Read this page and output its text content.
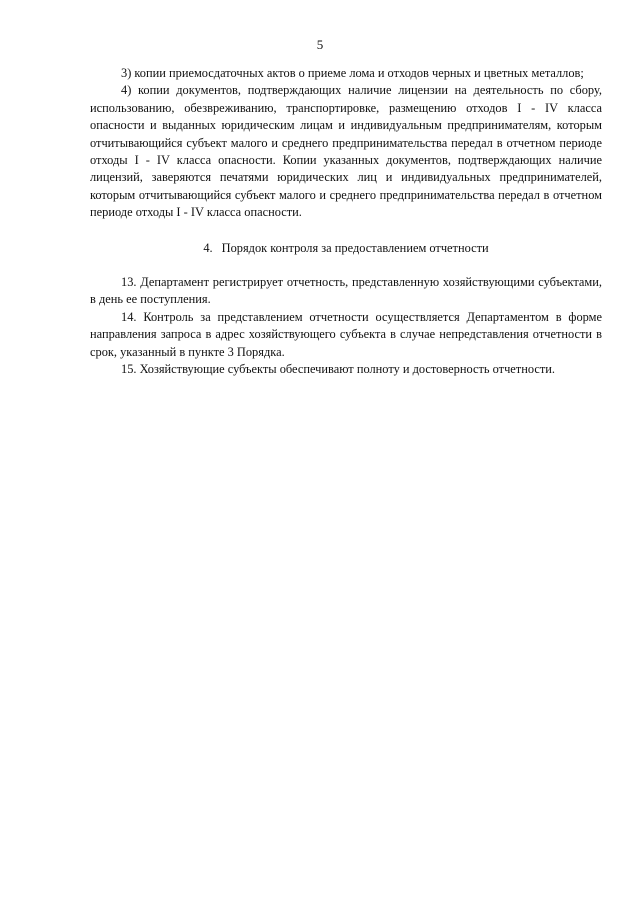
5

3) копии приемосдаточных актов о приеме лома и отходов черных и цветных металлов;

4) копии документов, подтверждающих наличие лицензии на деятельность по сбору, использованию, обезвреживанию, транспортировке, размещению отходов I - IV класса опасности и выданных юридическим лицам и индивидуальным предпринимателям, которым отчитывающийся субъект малого и среднего предпринимательства передал в отчетном периоде отходы I - IV класса опасности. Копии указанных документов, подтверждающих наличие лицензий, заверяются печатями юридических лиц и индивидуальных предпринимателей, которым отчитывающийся субъект малого и среднего предпринимательства передал в отчетном периоде отходы I - IV класса опасности.

4. Порядок контроля за предоставлением отчетности

13. Департамент регистрирует отчетность, представленную хозяйствующими субъектами, в день ее поступления.

14. Контроль за представлением отчетности осуществляется Департаментом в форме направления запроса в адрес хозяйствующего субъекта в случае непредставления отчетности в срок, указанный в пункте 3 Порядка.

15. Хозяйствующие субъекты обеспечивают полноту и достоверность отчетности.
